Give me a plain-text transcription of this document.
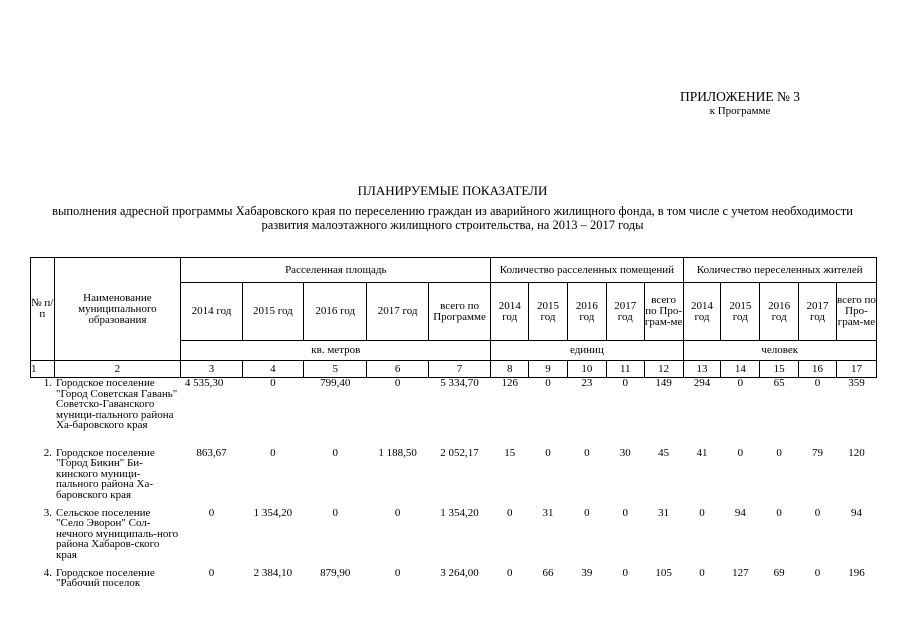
ПРИЛОЖЕНИЕ № 3
к Программе
ПЛАНИРУЕМЫЕ ПОКАЗАТЕЛИ
выполнения адресной программы Хабаровского края по переселению граждан из аварийного жилищного фонда, в том числе с учетом необходимости развития малоэтажного жилищного строительства, на 2013 – 2017 годы
№ п/п	Наименование муниципального образования	Расселенная площадь					Количество расселенных помещений					Количество переселенных жителей				
		2014 год	2015 год	2016 год	2017 год	всего по Программе	2014 год	2015 год	2016 год	2017 год	всего по Про-грам-ме	2014 год	2015 год	2016 год	2017 год	всего по Про-грам-ме
		кв. метров					единиц					человек				
1	2	3	4	5	6	7	8	9	10	11	12	13	14	15	16	17
1.	Городское поселение "Город Советская Гавань" Советско-Гаванского муници-пального района Ха-баровского края	4 535,30	0	799,40	0	5 334,70	126	0	23	0	149	294	0	65	0	359
2.	Городское поселение "Город Бикин" Би-кинского муници-пального района Ха-баровского края	863,67	0	0	1 188,50	2 052,17	15	0	0	30	45	41	0	0	79	120
3.	Сельское поселение "Село Эворон" Сол-нечного муниципаль-ного района Хабаров-ского края	0	1 354,20	0	0	1 354,20	0	31	0	0	31	0	94	0	0	94
4.	Городское поселение "Рабочий поселок	0	2 384,10	879,90	0	3 264,00	0	66	39	0	105	0	127	69	0	196
